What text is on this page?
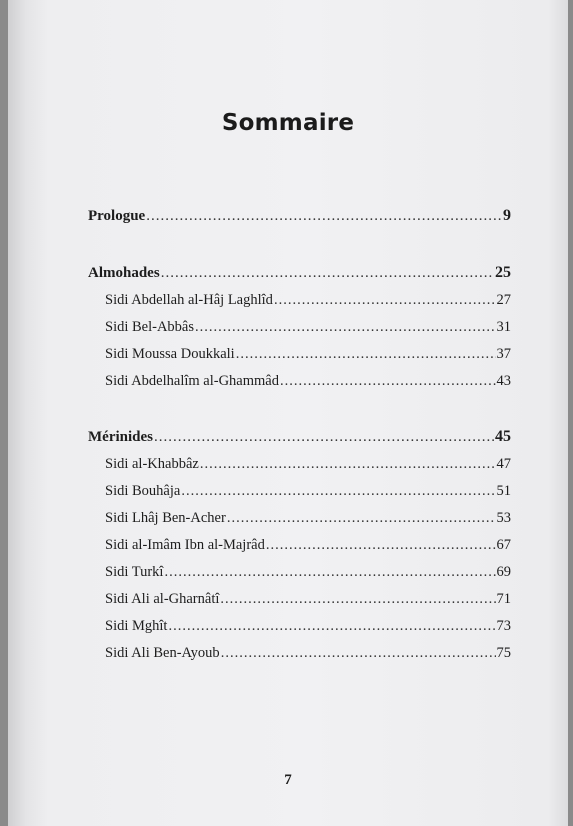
Sommaire
Prologue .....	9
Almohades .....	25
Sidi Abdellah al-Hâj Laghlîd .....	27
Sidi Bel-Abbâs .....	31
Sidi Moussa Doukkali .....	37
Sidi Abdelhalîm al-Ghammâd .....	43
Mérinides .....	45
Sidi al-Khabbâz .....	47
Sidi Bouhâja .....	51
Sidi Lhâj Ben-Acher .....	53
Sidi al-Imâm Ibn al-Majrâd .....	67
Sidi Turkî .....	69
Sidi Ali al-Gharnâtî .....	71
Sidi Mghît .....	73
Sidi Ali Ben-Ayoub .....	75
7
